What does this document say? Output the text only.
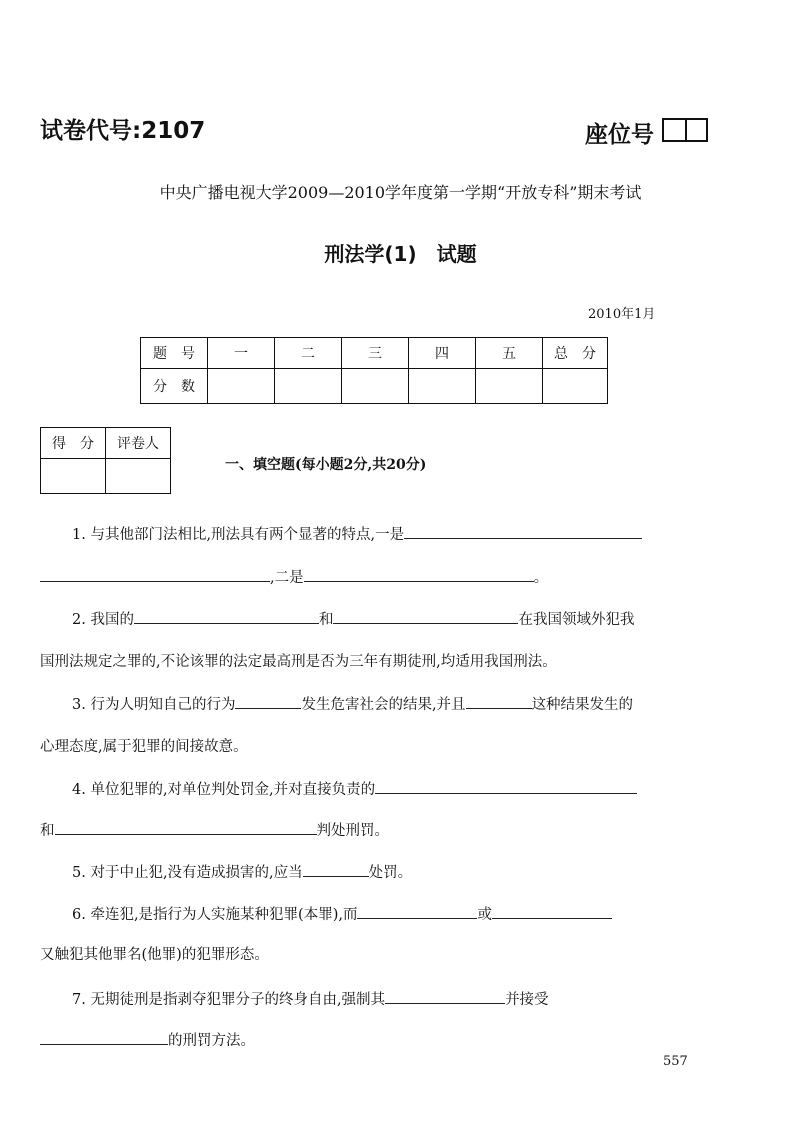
试卷代号:2107	座位号
中央广播电视大学2009—2010学年度第一学期“开放专科”期末考试
刑法学(1)　试题
2010年1月
题　号	一	二	三	四	五	总　分
分　数						
得　分	评卷人

一、填空题(每小题2分,共20分)
1. 与其他部门法相比,刑法具有两个显著的特点,一是
,二是	。
2. 我国的	和	在我国领域外犯我
国刑法规定之罪的,不论该罪的法定最高刑是否为三年有期徒刑,均适用我国刑法。
3. 行为人明知自己的行为	发生危害社会的结果,并且	这种结果发生的
心理态度,属于犯罪的间接故意。
4. 单位犯罪的,对单位判处罚金,并对直接负责的
和	判处刑罚。
5. 对于中止犯,没有造成损害的,应当	处罚。
6. 牵连犯,是指行为人实施某种犯罪(本罪),而	或
又触犯其他罪名(他罪)的犯罪形态。
7. 无期徒刑是指剥夺犯罪分子的终身自由,强制其	并接受
的刑罚方法。
557
